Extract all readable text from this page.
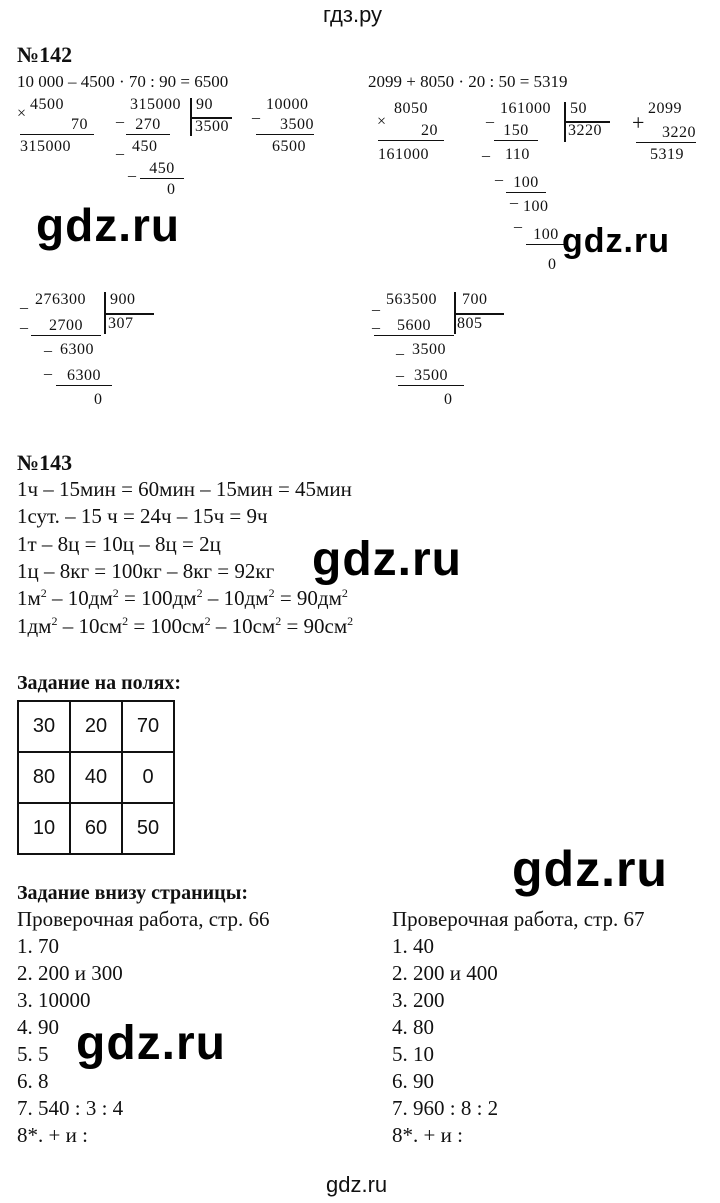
гдз.ру
gdz.ru
№142
10 000 – 4500 · 70 : 90 = 6500	2099 + 8050 · 20 : 50 = 5319
×
4500
70
315000
_
315000 90
3500
270
_ 450
_ 450
0
_ 10000
3500
6500
×
8050
20
161000
_ 161000 50
3220
150
_ 110
_ 100
_
100
_
100
0
+
2099
3220
5319
_ 276300 900
307
_	2700
_ 6300
_ 6300
0
_ 563500 700
805
_	5600
_ 3500
_ 3500
0
№143
1ч – 15мин = 60мин – 15мин = 45мин
1сут. – 15 ч = 24ч – 15ч = 9ч
1т – 8ц = 10ц – 8ц = 2ц
1ц – 8кг = 100кг – 8кг = 92кг
$1м^2 - 10дм^2 = 100дм^2 - 10дм^2 = 90дм^2$
$1дм^2 - 10см^2 = 100см^2 - 10см^2 = 90см^2$
Задание на полях:
30	20	70
80	40	0
10	60	50
Задание внизу страницы:
Проверочная работа, стр. 66
1. 70
2. 200 и 300
3. 10000
4. 90
5. 5
6. 8
7. 540 : 3 : 4
8*. + и :
Проверочная работа, стр. 67
1. 40
2. 200 и 400
3. 200
4. 80
5. 10
6. 90
7. 960 : 8 : 2
8*. + и :
gdz.ru	gdz.ru
gdz.ru
gdz.ru
gdz.ru
